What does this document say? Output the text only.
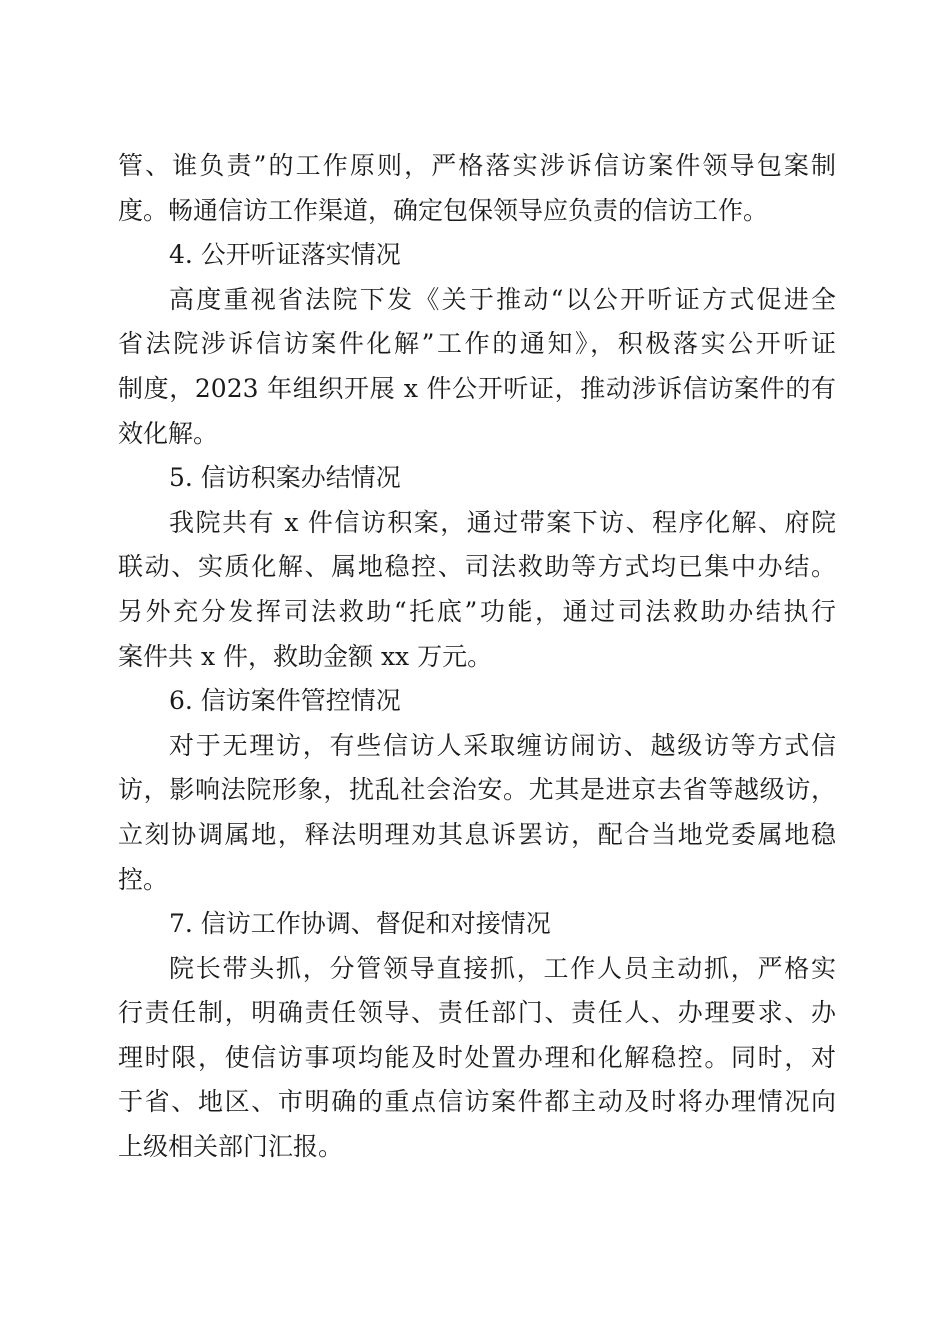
管、谁负责”的工作原则，严格落实涉诉信访案件领导包案制
度。畅通信访工作渠道，确定包保领导应负责的信访工作。
4. 公开听证落实情况
高度重视省法院下发《关于推动“以公开听证方式促进全
省法院涉诉信访案件化解”工作的通知》，积极落实公开听证
制度，2023 年组织开展 x 件公开听证，推动涉诉信访案件的有
效化解。
5. 信访积案办结情况
我院共有 x 件信访积案，通过带案下访、程序化解、府院
联动、实质化解、属地稳控、司法救助等方式均已集中办结。
另外充分发挥司法救助“托底”功能，通过司法救助办结执行
案件共 x 件，救助金额 xx 万元。
6. 信访案件管控情况
对于无理访，有些信访人采取缠访闹访、越级访等方式信
访，影响法院形象，扰乱社会治安。尤其是进京去省等越级访，
立刻协调属地，释法明理劝其息诉罢访，配合当地党委属地稳
控。
7. 信访工作协调、督促和对接情况
院长带头抓，分管领导直接抓，工作人员主动抓，严格实
行责任制，明确责任领导、责任部门、责任人、办理要求、办
理时限，使信访事项均能及时处置办理和化解稳控。同时，对
于省、地区、市明确的重点信访案件都主动及时将办理情况向
上级相关部门汇报。
